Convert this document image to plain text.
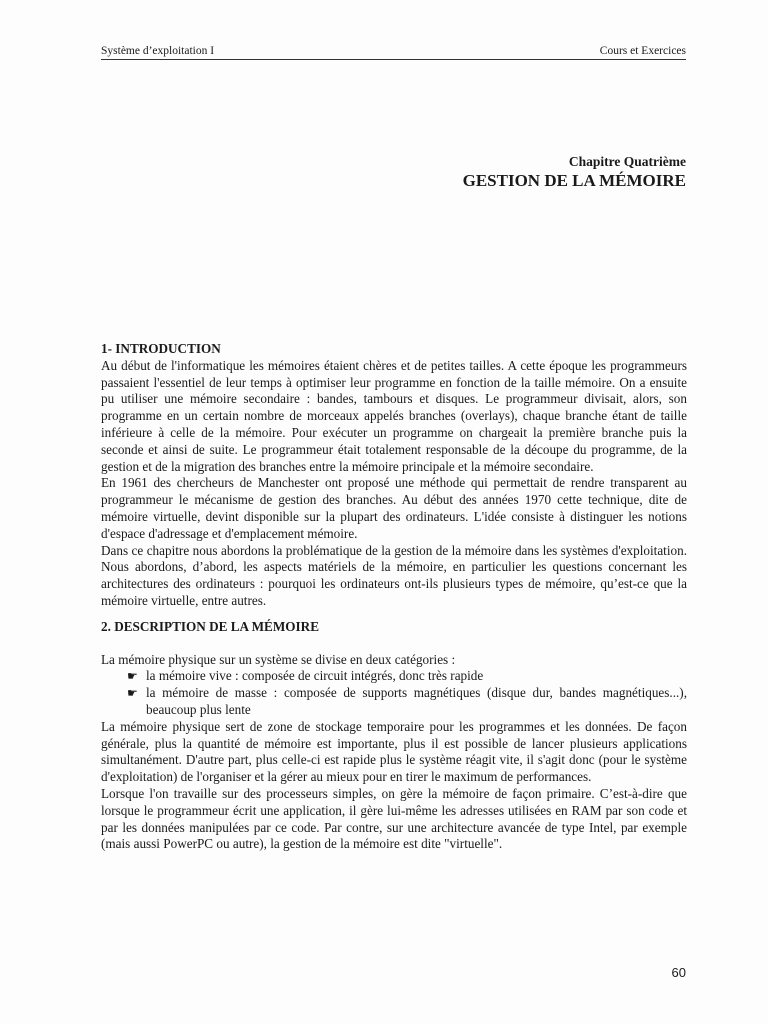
Système d’exploitation I	Cours et Exercices
Chapitre Quatrième
GESTION DE LA MÉMOIRE
1- INTRODUCTION

Au début de l'informatique les mémoires étaient chères et de petites tailles. A cette époque les programmeurs passaient l'essentiel de leur temps à optimiser leur programme en fonction de la taille mémoire. On a ensuite pu utiliser une mémoire secondaire : bandes, tambours et disques. Le programmeur divisait, alors, son programme en un certain nombre de morceaux appelés branches (overlays), chaque branche étant de taille inférieure à celle de la mémoire. Pour exécuter un programme on chargeait la première branche puis la seconde et ainsi de suite. Le programmeur était totalement responsable de la découpe du programme, de la gestion et de la migration des branches entre la mémoire principale et la mémoire secondaire.

En 1961 des chercheurs de Manchester ont proposé une méthode qui permettait de rendre transparent au programmeur le mécanisme de gestion des branches. Au début des années 1970 cette technique, dite de mémoire virtuelle, devint disponible sur la plupart des ordinateurs. L'idée consiste à distinguer les notions d'espace d'adressage et d'emplacement mémoire.

Dans ce chapitre nous abordons la problématique de la gestion de la mémoire dans les systèmes d'exploitation. Nous abordons, d’abord, les aspects matériels de la mémoire, en particulier les questions concernant les architectures des ordinateurs : pourquoi les ordinateurs ont-ils plusieurs types de mémoire, qu’est-ce que la mémoire virtuelle, entre autres.

2. DESCRIPTION DE LA MÉMOIRE

La mémoire physique sur un système se divise en deux catégories :

☛ la mémoire vive : composée de circuit intégrés, donc très rapide
☛ la mémoire de masse : composée de supports magnétiques (disque dur, bandes magnétiques...), beaucoup plus lente

La mémoire physique sert de zone de stockage temporaire pour les programmes et les données. De façon générale, plus la quantité de mémoire est importante, plus il est possible de lancer plusieurs applications simultanément. D'autre part, plus celle-ci est rapide plus le système réagit vite, il s'agit donc (pour le système d'exploitation) de l'organiser et la gérer au mieux pour en tirer le maximum de performances.

Lorsque l'on travaille sur des processeurs simples, on gère la mémoire de façon primaire. C’est-à-dire que lorsque le programmeur écrit une application, il gère lui-même les adresses utilisées en RAM par son code et par les données manipulées par ce code. Par contre, sur une architecture avancée de type Intel, par exemple (mais aussi PowerPC ou autre), la gestion de la mémoire est dite "virtuelle".

60
